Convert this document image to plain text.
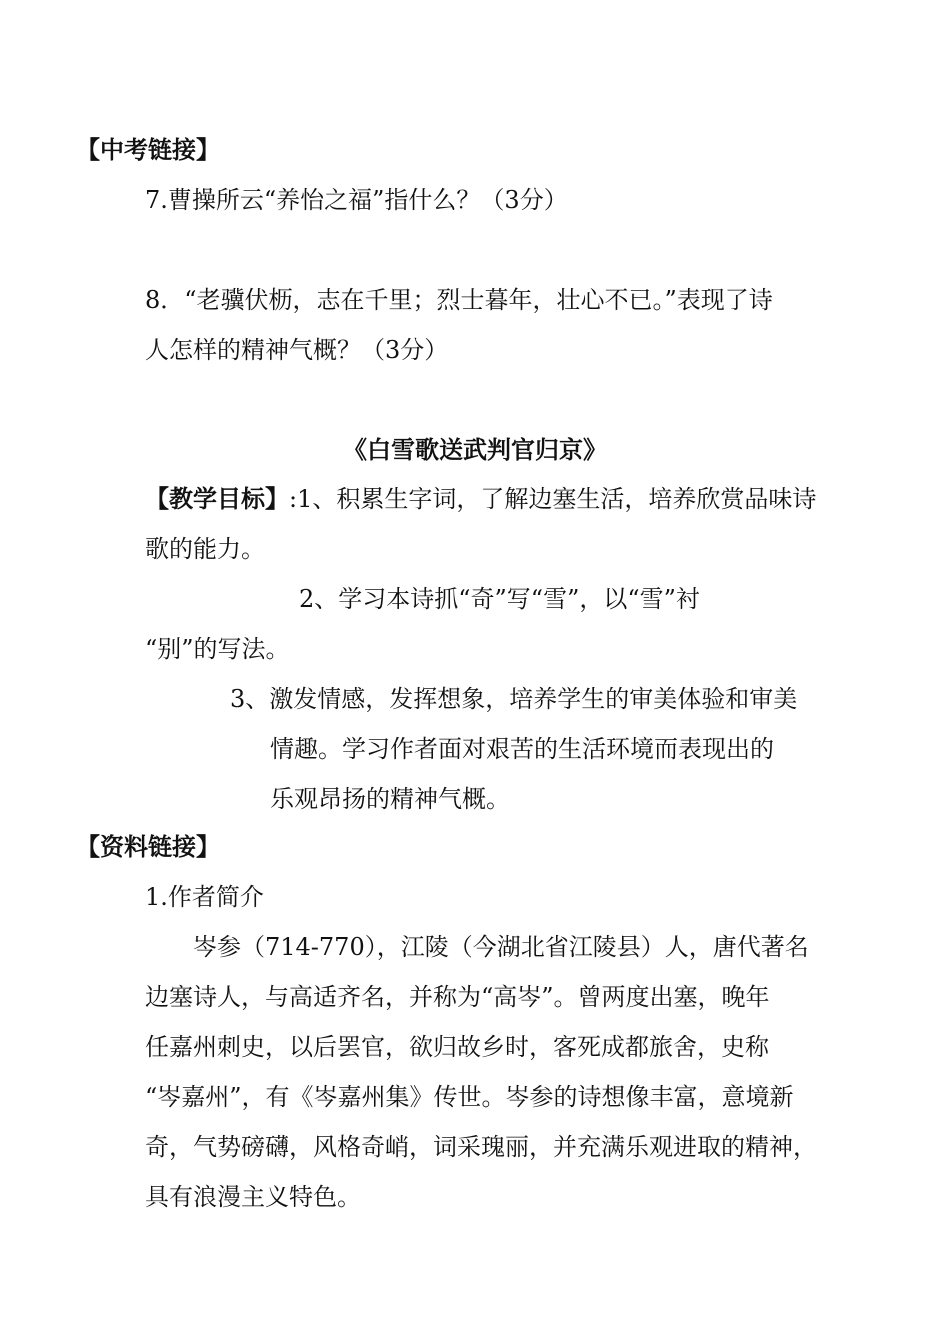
【中考链接】
7.曹操所云“养怡之福”指什么？（3分）
8．“老骥伏枥，志在千里；烈士暮年，壮心不已。”表现了诗
人怎样的精神气概？（3分）
《白雪歌送武判官归京》
【教学目标】:1、积累生字词，了解边塞生活，培养欣赏品味诗
歌的能力。
2、学习本诗抓“奇”写“雪”，以“雪”衬
“别”的写法。
3、激发情感，发挥想象，培养学生的审美体验和审美
情趣。学习作者面对艰苦的生活环境而表现出的
乐观昂扬的精神气概。
【资料链接】
1.作者简介
岑参（714-770），江陵（今湖北省江陵县）人，唐代著名
边塞诗人，与高适齐名，并称为“高岑”。曾两度出塞，晚年
任嘉州刺史，以后罢官，欲归故乡时，客死成都旅舍，史称
“岑嘉州”，有《岑嘉州集》传世。岑参的诗想像丰富，意境新
奇，气势磅礴，风格奇峭，词采瑰丽，并充满乐观进取的精神，
具有浪漫主义特色。
